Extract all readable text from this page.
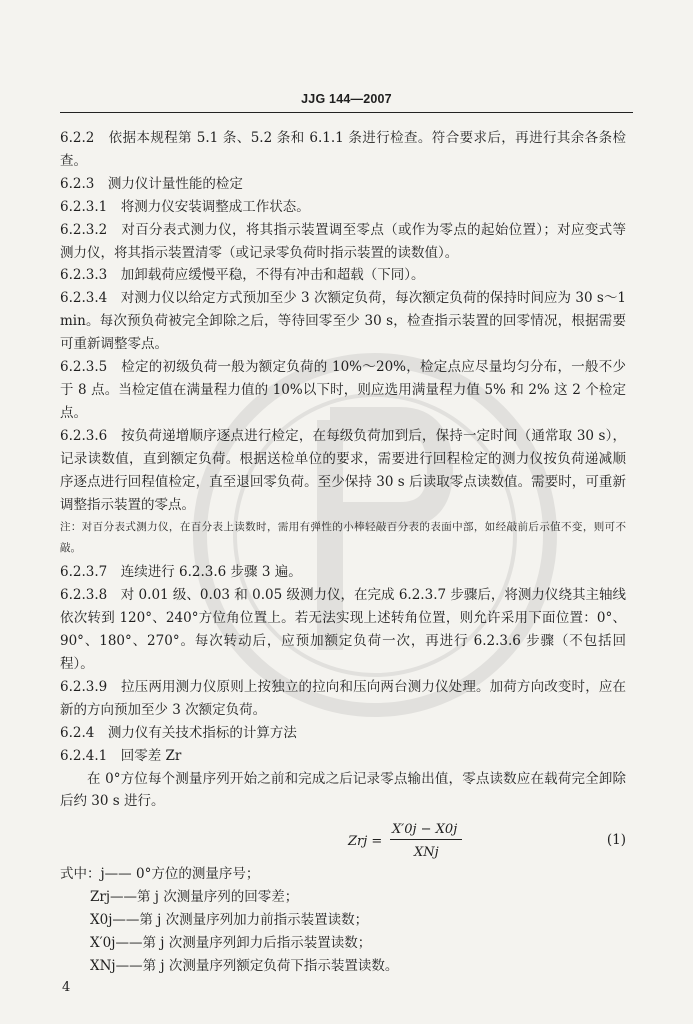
JJG 144—2007

6.2.2　依据本规程第 5.1 条、5.2 条和 6.1.1 条进行检查。符合要求后，再进行其余各条检查。

6.2.3　测力仪计量性能的检定

6.2.3.1　将测力仪安装调整成工作状态。

6.2.3.2　对百分表式测力仪，将其指示装置调至零点（或作为零点的起始位置）；对应变式等测力仪，将其指示装置清零（或记录零负荷时指示装置的读数值）。

6.2.3.3　加卸载荷应缓慢平稳，不得有冲击和超载（下同）。

6.2.3.4　对测力仪以给定方式预加至少 3 次额定负荷，每次额定负荷的保持时间应为 30 s～1 min。每次预负荷被完全卸除之后，等待回零至少 30 s，检查指示装置的回零情况，根据需要可重新调整零点。

6.2.3.5　检定的初级负荷一般为额定负荷的 10%～20%，检定点应尽量均匀分布，一般不少于 8 点。当检定值在满量程力值的 10%以下时，则应选用满量程力值 5% 和 2% 这 2 个检定点。

6.2.3.6　按负荷递增顺序逐点进行检定，在每级负荷加到后，保持一定时间（通常取 30 s），记录读数值，直到额定负荷。根据送检单位的要求，需要进行回程检定的测力仪按负荷递减顺序逐点进行回程值检定，直至退回零负荷。至少保持 30 s 后读取零点读数值。需要时，可重新调整指示装置的零点。

注：对百分表式测力仪，在百分表上读数时，需用有弹性的小棒轻敲百分表的表面中部，如经敲前后示值不变，则可不敲。

6.2.3.7　连续进行 6.2.3.6 步骤 3 遍。

6.2.3.8　对 0.01 级、0.03 和 0.05 级测力仪，在完成 6.2.3.7 步骤后，将测力仪绕其主轴线依次转到 120°、240°方位角位置上。若无法实现上述转角位置，则允许采用下面位置：0°、90°、180°、270°。每次转动后，应预加额定负荷一次，再进行 6.2.3.6 步骤（不包括回程）。

6.2.3.9　拉压两用测力仪原则上按独立的拉向和压向两台测力仪处理。加荷方向改变时，应在新的方向预加至少 3 次额定负荷。

6.2.4　测力仪有关技术指标的计算方法

6.2.4.1　回零差 Zr

在 0°方位每个测量序列开始之前和完成之后记录零点输出值，零点读数应在载荷完全卸除后约 30 s 进行。

Zrj =
X′0j − X0j
XNj
(1)

式中：j—— 0°方位的测量序号；

Zrj——第 j 次测量序列的回零差；

X0j——第 j 次测量序列加力前指示装置读数；

X′0j——第 j 次测量序列卸力后指示装置读数；

XNj——第 j 次测量序列额定负荷下指示装置读数。

4
